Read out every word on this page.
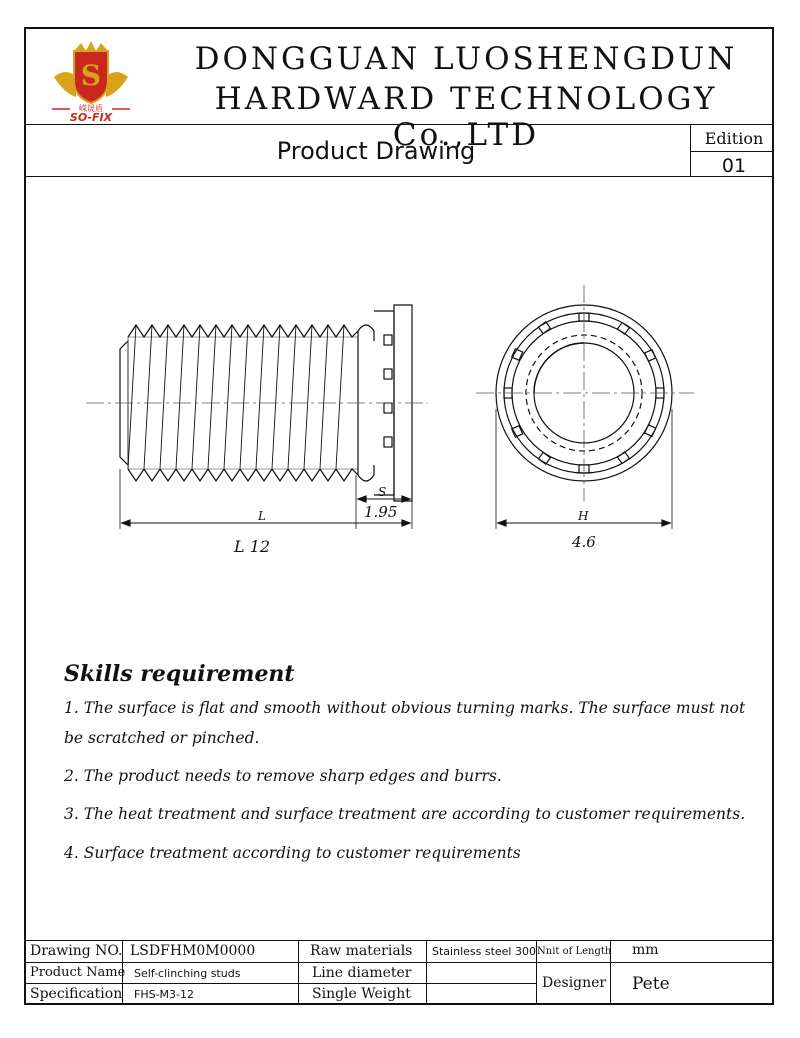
S
嵘晟盾
SO-FIX
DONGGUAN LUOSHENGDUN
HARDWARD TECHNOLOGY Co.,LTD
Product Drawing	Edition
01
L
L 12
S
1.95	H
4.6
Skills requirement
1. The surface is flat and smooth without obvious turning marks. The surface must not be scratched or pinched.
2. The product needs to remove sharp edges and burrs.
3. The heat treatment and surface treatment are according to customer requirements.
4. Surface treatment according to customer requirements
Drawing NO. LSDFHM0M0000
Product Name Self-clinching studs
Specification FHS-M3-12
Raw materials Stainless steel 300
Line diameter
Single Weight
Nnit of Length mm
Designer Pete
